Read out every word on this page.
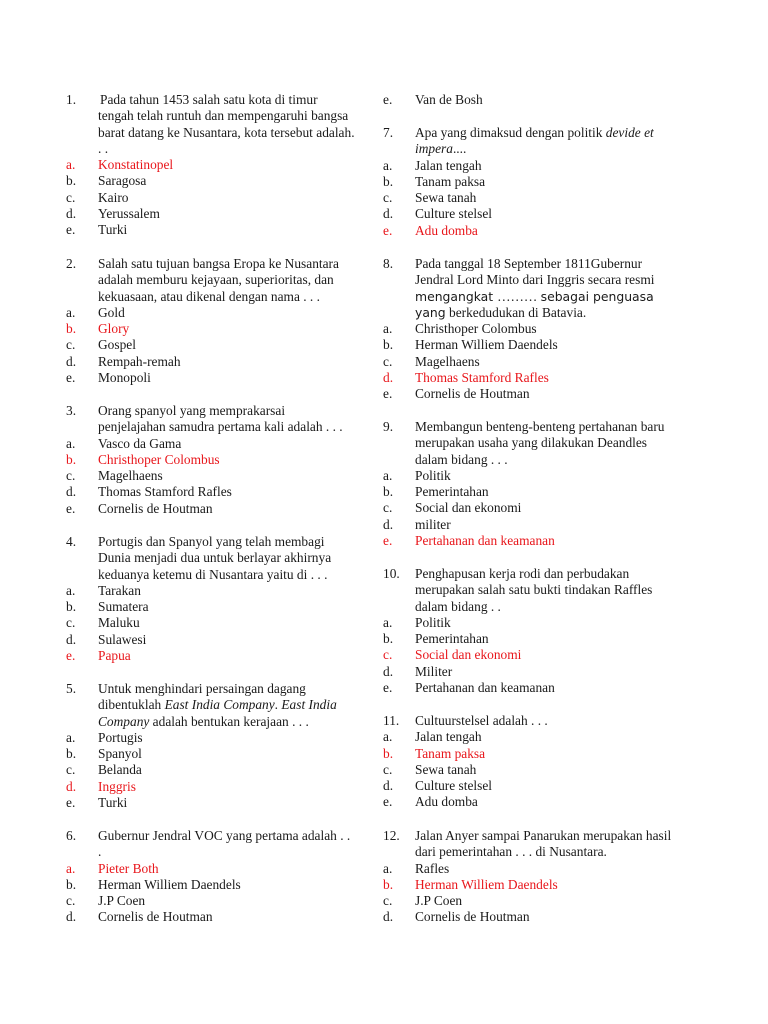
1. Pada tahun 1453 salah satu kota di timur tengah telah runtuh dan mempengaruhi bangsa barat datang ke Nusantara, kota tersebut adalah. . .
a. Konstatinopel
b. Saragosa
c. Kairo
d. Yerussalem
e. Turki
2. Salah satu tujuan bangsa Eropa ke Nusantara adalah memburu kejayaan, superioritas, dan kekuasaan, atau dikenal dengan nama . . .
a. Gold
b. Glory
c. Gospel
d. Rempah-remah
e. Monopoli
3. Orang spanyol yang memprakarsai penjelajahan samudra pertama kali adalah . . .
a. Vasco da Gama
b. Christhoper Colombus
c. Magelhaens
d. Thomas Stamford Rafles
e. Cornelis de Houtman
4. Portugis dan Spanyol yang telah membagi Dunia menjadi dua untuk berlayar akhirnya keduanya ketemu di Nusantara yaitu di . . .
a. Tarakan
b. Sumatera
c. Maluku
d. Sulawesi
e. Papua
5. Untuk menghindari persaingan dagang dibentuklah East India Company. East India Company adalah bentukan kerajaan . . .
a. Portugis
b. Spanyol
c. Belanda
d. Inggris
e. Turki
6. Gubernur Jendral VOC yang pertama adalah . . .
a. Pieter Both
b. Herman Williem Daendels
c. J.P Coen
d. Cornelis de Houtman
e. Van de Bosh
7. Apa yang dimaksud dengan politik devide et impera....
a. Jalan tengah
b. Tanam paksa
c. Sewa tanah
d. Culture stelsel
e. Adu domba
8. Pada tanggal 18 September 1811Gubernur Jendral Lord Minto dari Inggris secara resmi mengangkat ……… sebagai penguasa yang berkedudukan di Batavia.
a. Christhoper Colombus
b. Herman Williem Daendels
c. Magelhaens
d. Thomas Stamford Rafles
e. Cornelis de Houtman
9. Membangun benteng-benteng pertahanan baru merupakan usaha yang dilakukan Deandles dalam bidang . . .
a. Politik
b. Pemerintahan
c. Social dan ekonomi
d. militer
e. Pertahanan dan keamanan
10. Penghapusan kerja rodi dan perbudakan merupakan salah satu bukti tindakan Raffles dalam bidang . .
a. Politik
b. Pemerintahan
c. Social dan ekonomi
d. Militer
e. Pertahanan dan keamanan
11. Cultuurstelsel adalah . . .
a. Jalan tengah
b. Tanam paksa
c. Sewa tanah
d. Culture stelsel
e. Adu domba
12. Jalan Anyer sampai Panarukan merupakan hasil dari pemerintahan . . . di Nusantara.
a. Rafles
b. Herman Williem Daendels
c. J.P Coen
d. Cornelis de Houtman
